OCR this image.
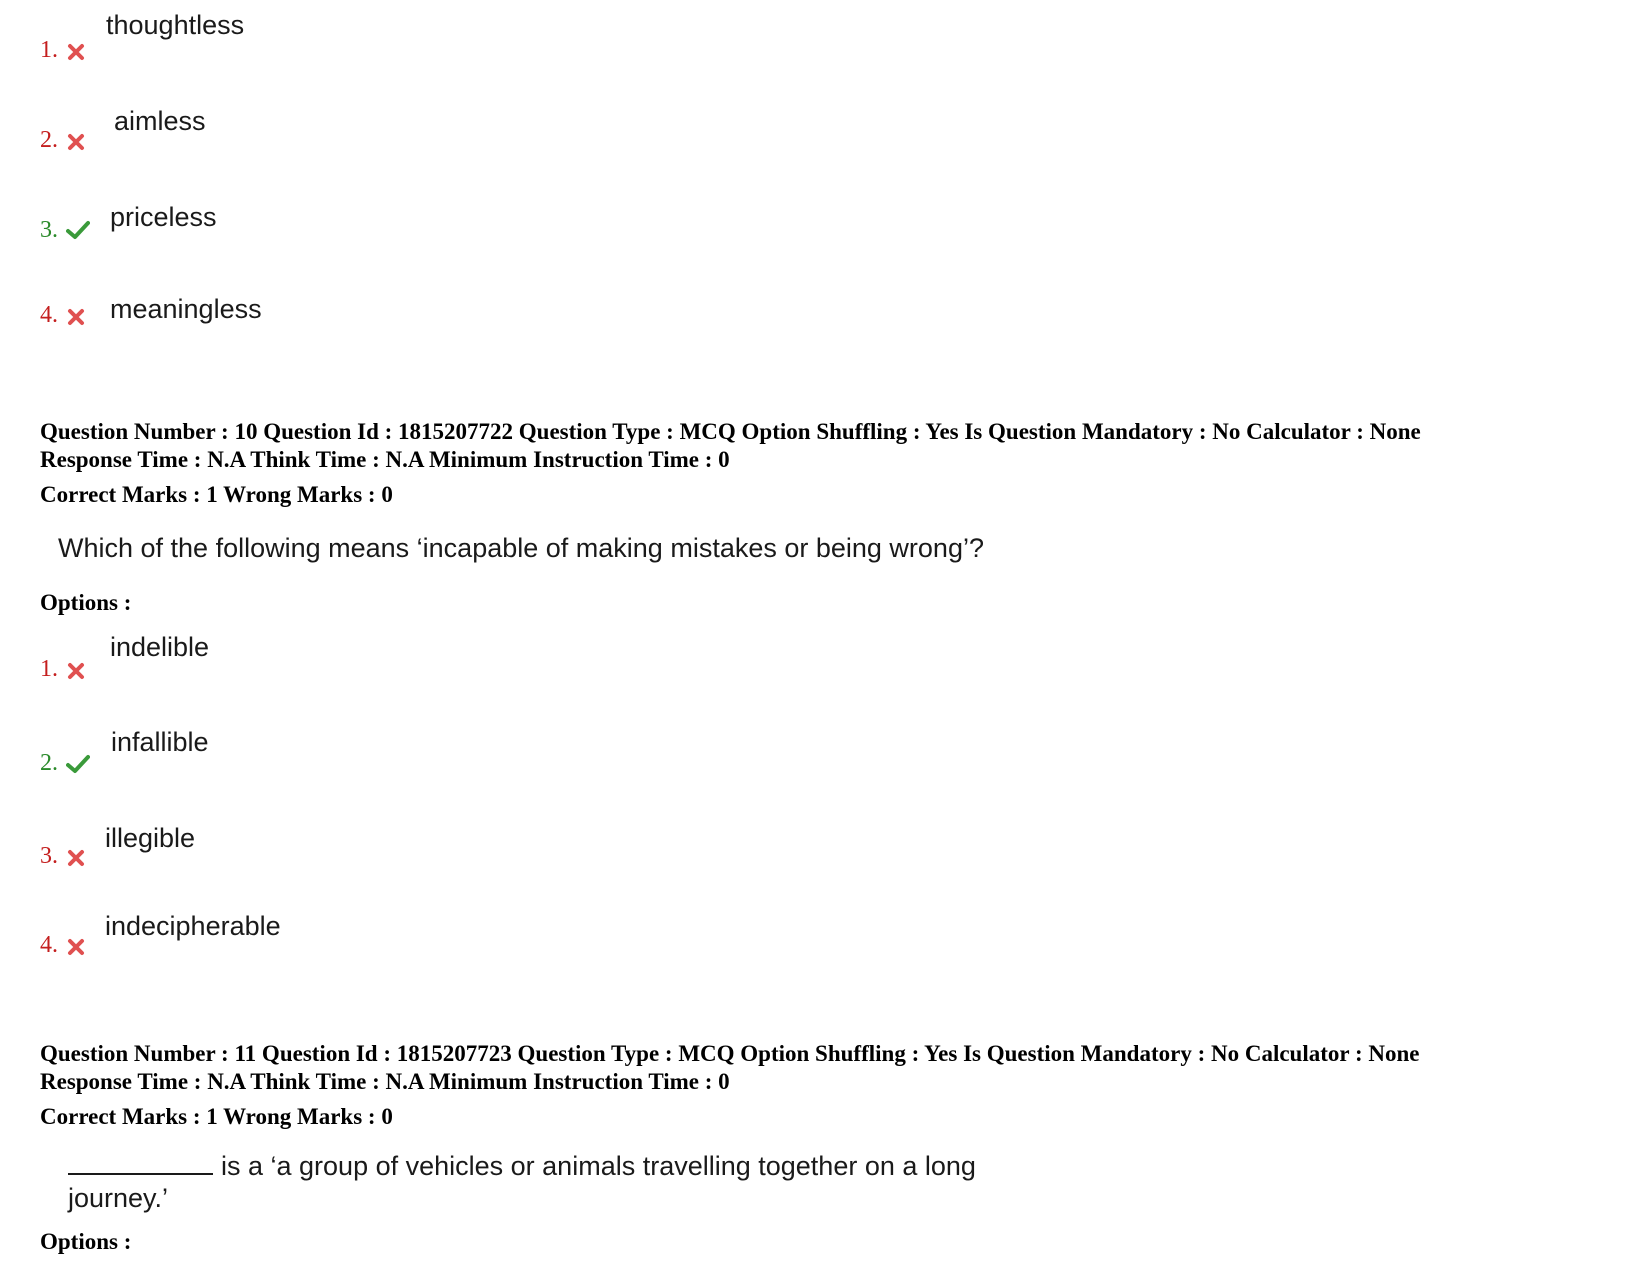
1.
thoughtless
2.
aimless
3. priceless
4. meaningless
Question Number : 10 Question Id : 1815207722 Question Type : MCQ Option Shuffling : Yes Is Question Mandatory : No Calculator : None
Response Time : N.A Think Time : N.A Minimum Instruction Time : 0
Correct Marks : 1 Wrong Marks : 0
Which of the following means ‘incapable of making mistakes or being wrong’?
Options :
1.
indelible
2.
infallible
3.
illegible
4.
indecipherable
Question Number : 11 Question Id : 1815207723 Question Type : MCQ Option Shuffling : Yes Is Question Mandatory : No Calculator : None
Response Time : N.A Think Time : N.A Minimum Instruction Time : 0
Correct Marks : 1 Wrong Marks : 0
is a ‘a group of vehicles or animals travelling together on a long
journey.’
Options :
